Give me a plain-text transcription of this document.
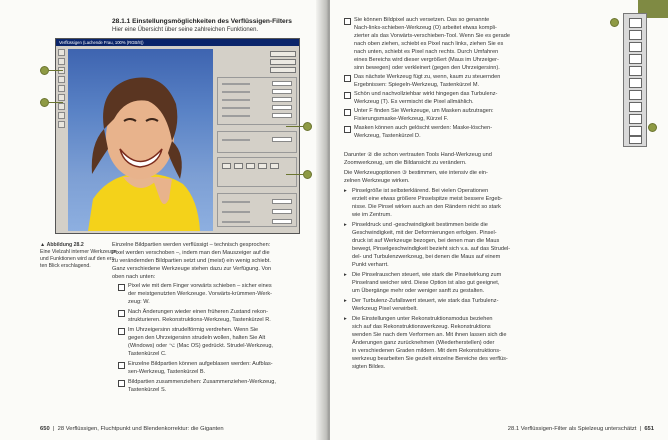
28.1.1 Einstellungsmöglichkeiten des Verflüssigen-Filters
Hier eine Übersicht über seine zahlreichen Funktionen.
Verflüssigen (Lachende Frau, 100% (RGB/8))
▲ Abbildung 28.2
Eine Vielzahl interner Werkzeuge
und Funktionen wird auf den ers-
ten Blick erschlagend.
Einzelne Bildpartien werden verflüssigt – technisch gesprochen:
Pixel werden verschoben –, indem man den Mauszeiger auf die
zu verändernden Bildpartien setzt und (meist) ein wenig schiebt.
Ganz verschiedene Werkzeuge stehen dazu zur Verfügung. Von
oben nach unten:
Pixel wie mit dem Finger vorwärts schieben – sicher eines
der meistgenutzten Werkzeuge. Vorwärts-krümmen-Werk-
zeug: W.
Nach Änderungen wieder einen früheren Zustand rekon-
strukturieren. Rekonstruktions-Werkzeug, Tastenkürzel R.
Im Uhrzeigersinn strudelförmig verdrehen. Wenn Sie
gegen den Uhrzeigersinn strudeln wollen, halten Sie Alt
(Windows) oder ⌥ (Mac OS) gedrückt. Strudel-Werkzeug,
Tastenkürzel C.
Einzelne Bildpartien können aufgeblasen werden: Aufblas-
sen-Werkzeug, Tastenkürzel B.
Bildpartien zusammenziehen: Zusammenziehen-Werkzeug,
Tastenkürzel S.
650  |  28 Verflüssigen, Fluchtpunkt und Blendenkorrektur: die Giganten
Sie können Bildpixel auch versetzen. Das so genannte
Nach-links-schieben-Werkzeug (O) arbeitet etwas kompli-
zierter als das Vorwärts-verschieben-Tool. Wenn Sie es gerade
nach oben ziehen, schiebt es Pixel nach links, ziehen Sie es
nach unten, schiebt es Pixel nach rechts. Durch Umfahren
eines Bereichs wird dieser vergrößert (Maus im Uhrzeiger-
sinn bewegen) oder verkleinert (gegen den Uhrzeigersinn).
Das nächste Werkzeug fügt zu, wenn, kaum zu steuernden
Ergebnissen: Spiegeln-Werkzeug, Tastenkürzel M.
Schön und nachvollziehbar wirkt hingegen das Turbulenz-
Werkzeug (T). Es vermischt die Pixel allmählich.
Unter F finden Sie Werkzeuge, um Masken aufzutragen:
Fixierungsmaske-Werkzeug, Kürzel F.
Masken können auch gelöscht werden: Maske-löschen-
Werkzeug, Tastenkürzel D.
Darunter ② die schon vertrauten Tools Hand-Werkzeug und
Zoomwerkzeug, um die Bildansicht zu verändern.
Die Werkzeugoptionen ③ bestimmen, wie intensiv die ein-
zelnen Werkzeuge wirken.
▸ Pinselgröße ist selbsterklärend. Bei vielen Operationen
erzielt eine etwas größere Pinselspitze meist bessere Ergeb-
nisse. Die Pinsel wirken auch an den Rändern nicht so stark
wie im Zentrum.
▸ Pinseldruck und -geschwindigkeit bestimmen beide die
Geschwindigkeit, mit der Deformierungen erfolgen. Pinsel-
druck ist auf Werkzeuge bezogen, bei denen man die Maus
bewegt, Pinselgeschwindigkeit bezieht sich v.a. auf das Strudel-
del- und Turbulenzwerkzeug, bei denen die Maus auf einem
Punkt verharrt.
▸ Die Pinselrauschen steuert, wie stark die Pinselwirkung zum
Pinselrand weicher wird. Diese Option ist also gut geeignet,
um Übergänge mehr oder weniger sanft zu gestalten.
▸ Der Turbulenz-Zufallswert steuert, wie stark das Turbulenz-
Werkzeug Pixel verwirbelt.
▸ Die Einstellungen unter Rekonstruktionsmodus beziehen
sich auf das Rekonstruktionswerkzeug. Rekonstruktions
wenden Sie nach dem Verformen an. Mit ihnen lassen sich die
Änderungen ganz zurücknehmen (Wiederherstellen) oder
in verschiedenen Graden mildern. Mit dem Rekonstruktions-
werkzeug bearbeiten Sie gezielt einzelne Bereiche des verflüs-
sigten Bildes.
28.1 Verflüssigen-Filter als Spielzeug unterschätzt  |  651
